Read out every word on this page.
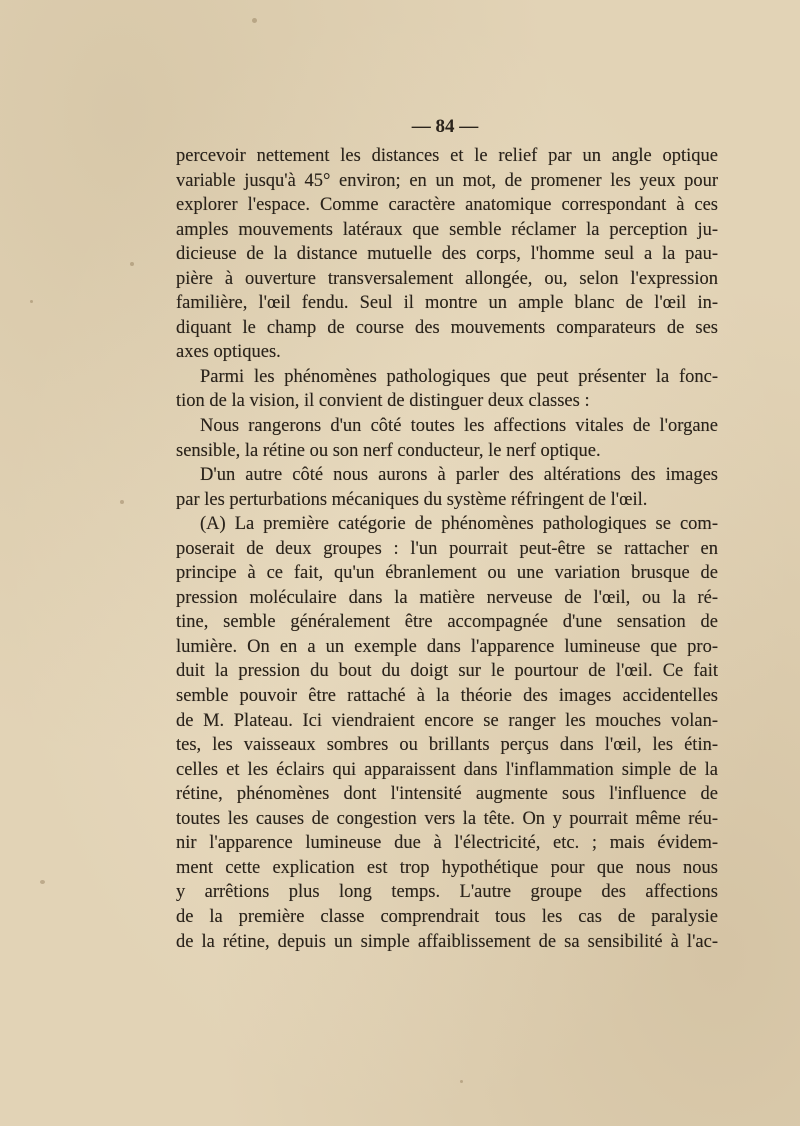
— 84 —
percevoir nettement les distances et le relief par un angle optique
variable jusqu'à 45° environ; en un mot, de promener les yeux pour
explorer l'espace. Comme caractère anatomique correspondant à ces
amples mouvements latéraux que semble réclamer la perception ju-
dicieuse de la distance mutuelle des corps, l'homme seul a la pau-
pière à ouverture transversalement allongée, ou, selon l'expression
familière, l'œil fendu. Seul il montre un ample blanc de l'œil in-
diquant le champ de course des mouvements comparateurs de ses
axes optiques.
Parmi les phénomènes pathologiques que peut présenter la fonc-
tion de la vision, il convient de distinguer deux classes :
Nous rangerons d'un côté toutes les affections vitales de l'organe
sensible, la rétine ou son nerf conducteur, le nerf optique.
D'un autre côté nous aurons à parler des altérations des images
par les perturbations mécaniques du système réfringent de l'œil.
(A) La première catégorie de phénomènes pathologiques se com-
poserait de deux groupes : l'un pourrait peut-être se rattacher en
principe à ce fait, qu'un ébranlement ou une variation brusque de
pression moléculaire dans la matière nerveuse de l'œil, ou la ré-
tine, semble généralement être accompagnée d'une sensation de
lumière. On en a un exemple dans l'apparence lumineuse que pro-
duit la pression du bout du doigt sur le pourtour de l'œil. Ce fait
semble pouvoir être rattaché à la théorie des images accidentelles
de M. Plateau. Ici viendraient encore se ranger les mouches volan-
tes, les vaisseaux sombres ou brillants perçus dans l'œil, les étin-
celles et les éclairs qui apparaissent dans l'inflammation simple de la
rétine, phénomènes dont l'intensité augmente sous l'influence de
toutes les causes de congestion vers la tête. On y pourrait même réu-
nir l'apparence lumineuse due à l'électricité, etc. ; mais évidem-
ment cette explication est trop hypothétique pour que nous nous
y arrêtions plus long temps. L'autre groupe des affections
de la première classe comprendrait tous les cas de paralysie
de la rétine, depuis un simple affaiblissement de sa sensibilité à l'ac-
